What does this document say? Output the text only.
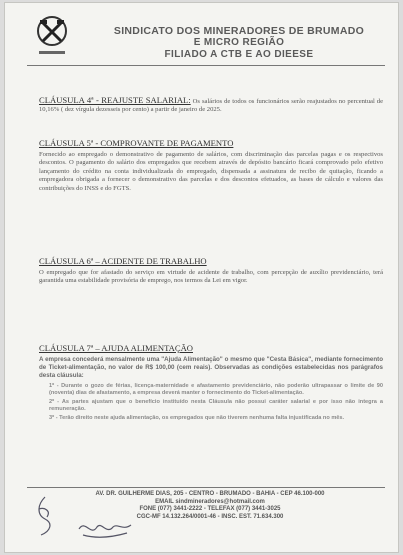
SINDICATO DOS MINERADORES DE BRUMADO
E MICRO REGIÃO
FILIADO A CTB E AO DIEESE
CLÁUSULA 4ª - REAJUSTE SALARIAL: Os salários de todos os funcionários serão reajustados no percentual de 10,16% ( dez vírgula dezesseis por cento) a partir de janeiro de 2025.
CLÁUSULA 5ª - COMPROVANTE DE PAGAMENTO

Fornecido ao empregado o demonstrativo de pagamento de salários, com discriminação das parcelas pagas e os respectivos descontos. O pagamento do salário dos empregados que recebem através de depósito bancário ficará comprovado pelo efetivo lançamento do crédito na conta individualizada do empregado, dispensada a assinatura de recibo de quitação, ficando a empregadora obrigada a fornecer o demonstrativo das parcelas e dos descontos efetuados, as bases de cálculo e valores das contribuições do INSS e do FGTS.

CLÁUSULA 6ª – ACIDENTE DE TRABALHO

O empregado que for afastado do serviço em virtude de acidente de trabalho, com percepção de auxílio previdenciário, terá garantida uma estabilidade provisória de emprego, nos termos da Lei em vigor.

CLÁUSULA 7ª – AJUDA ALIMENTAÇÃO

A empresa concederá mensalmente uma "Ajuda Alimentação" o mesmo que "Cesta Básica", mediante fornecimento de Ticket-alimentação, no valor de R$ 100,00 (cem reais). Observadas as condições estabelecidas nos parágrafos desta cláusula:

1º - Durante o gozo de férias, licença-maternidade e afastamento previdenciário, não poderão ultrapassar o limite de 90 (noventa) dias de afastamento, a empresa deverá manter o fornecimento do Ticket-alimentação.
2º - As partes ajustam que o benefício instituído nesta Cláusula não possui caráter salarial e por isso não integra a remuneração.
3º - Terão direito neste ajuda alimentação, os empregados que não tiverem nenhuma falta injustificada no mês.
AV. DR. GUILHERME DIAS, 205 - CENTRO - BRUMADO - BAHIA - CEP 46.100-000
EMAIL sindmineradores@hotmail.com
FONE (077) 3441-2222 - TELEFAX (077) 3441-3025
CGC-MF 14.132.264/0001-46 - INSC. EST. 71.634.300
